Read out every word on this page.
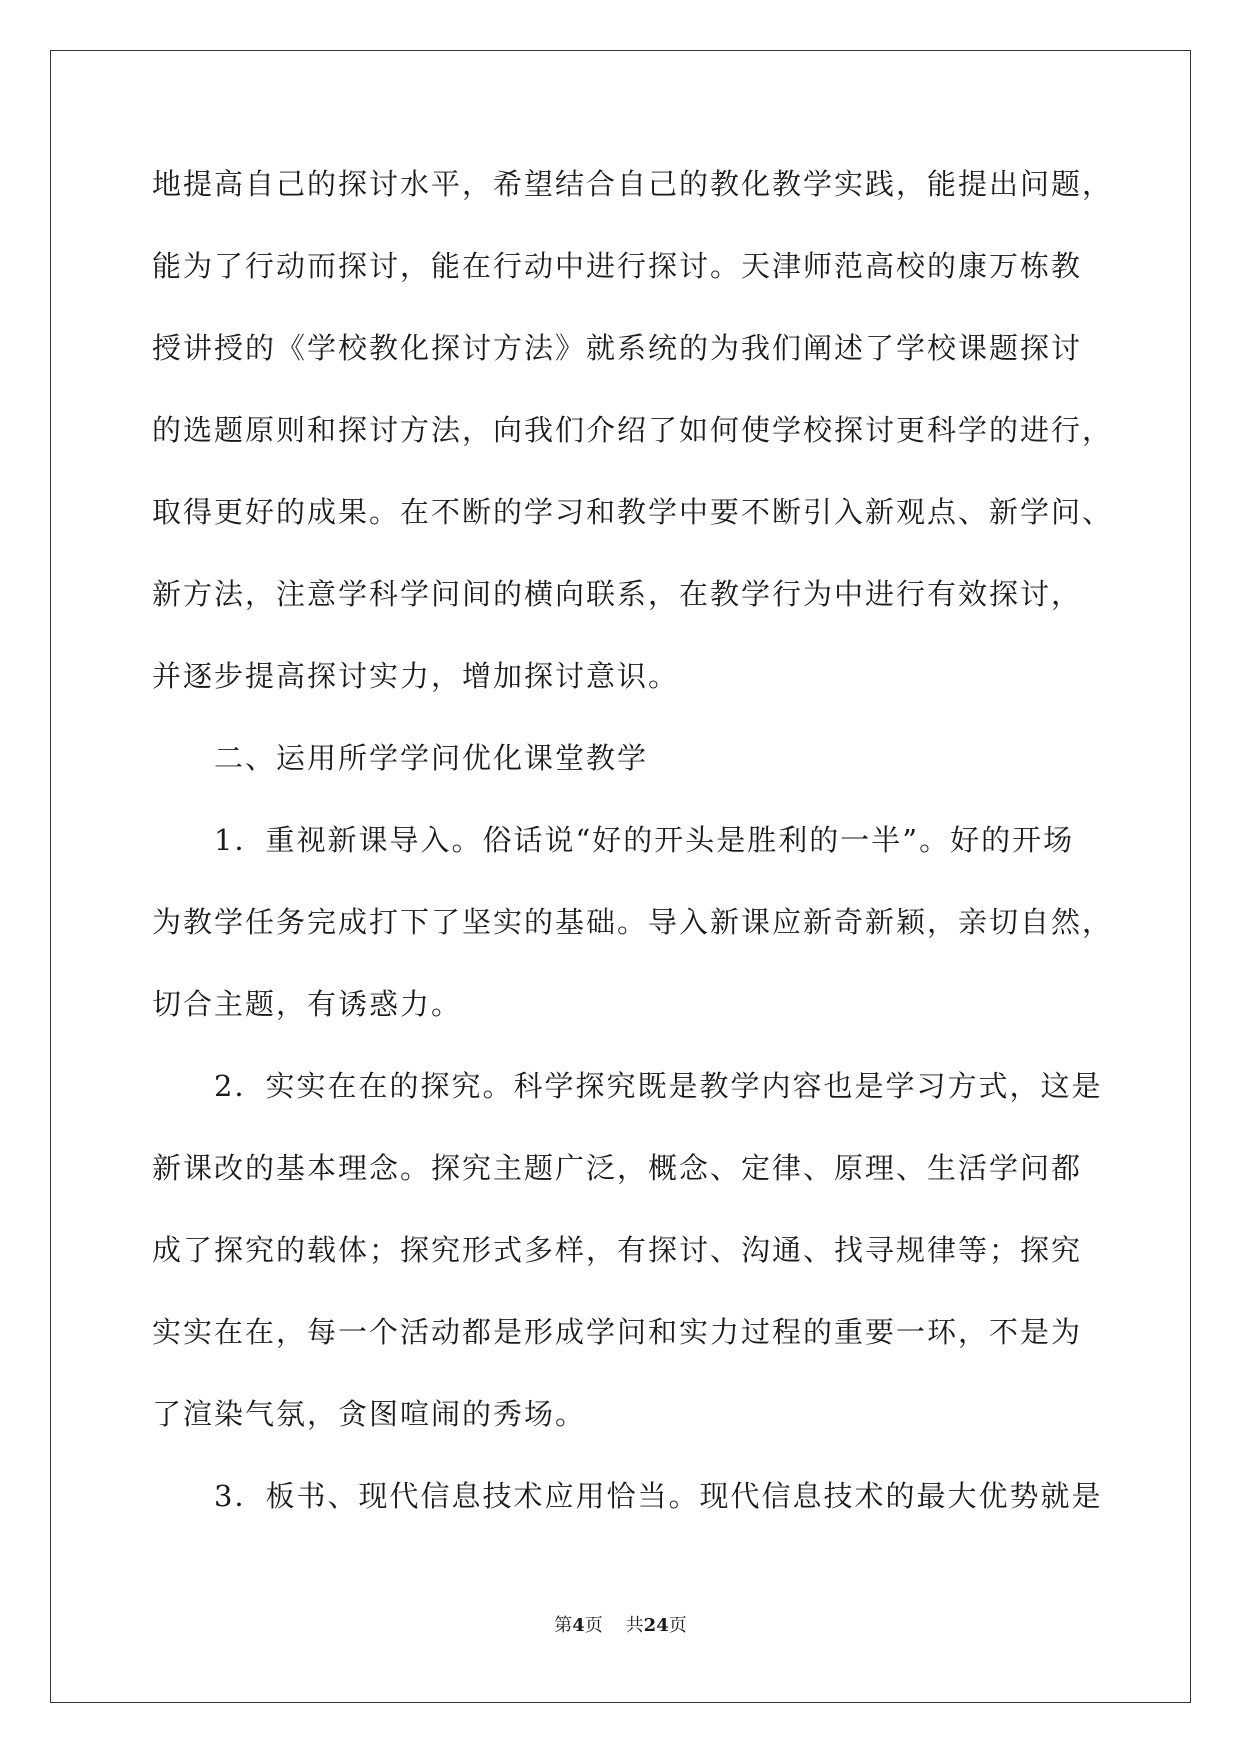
地提高自己的探讨水平，希望结合自己的教化教学实践，能提出问题，
能为了行动而探讨，能在行动中进行探讨。天津师范高校的康万栋教
授讲授的《学校教化探讨方法》就系统的为我们阐述了学校课题探讨
的选题原则和探讨方法，向我们介绍了如何使学校探讨更科学的进行，
取得更好的成果。在不断的学习和教学中要不断引入新观点、新学问、
新方法，注意学科学问间的横向联系，在教学行为中进行有效探讨，
并逐步提高探讨实力，增加探讨意识。
二、运用所学学问优化课堂教学
1．重视新课导入。俗话说“好的开头是胜利的一半”。好的开场
为教学任务完成打下了坚实的基础。导入新课应新奇新颖，亲切自然，
切合主题，有诱惑力。
2．实实在在的探究。科学探究既是教学内容也是学习方式，这是
新课改的基本理念。探究主题广泛，概念、定律、原理、生活学问都
成了探究的载体；探究形式多样，有探讨、沟通、找寻规律等；探究
实实在在，每一个活动都是形成学问和实力过程的重要一环，不是为
了渲染气氛，贪图喧闹的秀场。
3．板书、现代信息技术应用恰当。现代信息技术的最大优势就是
第4页 共24页
